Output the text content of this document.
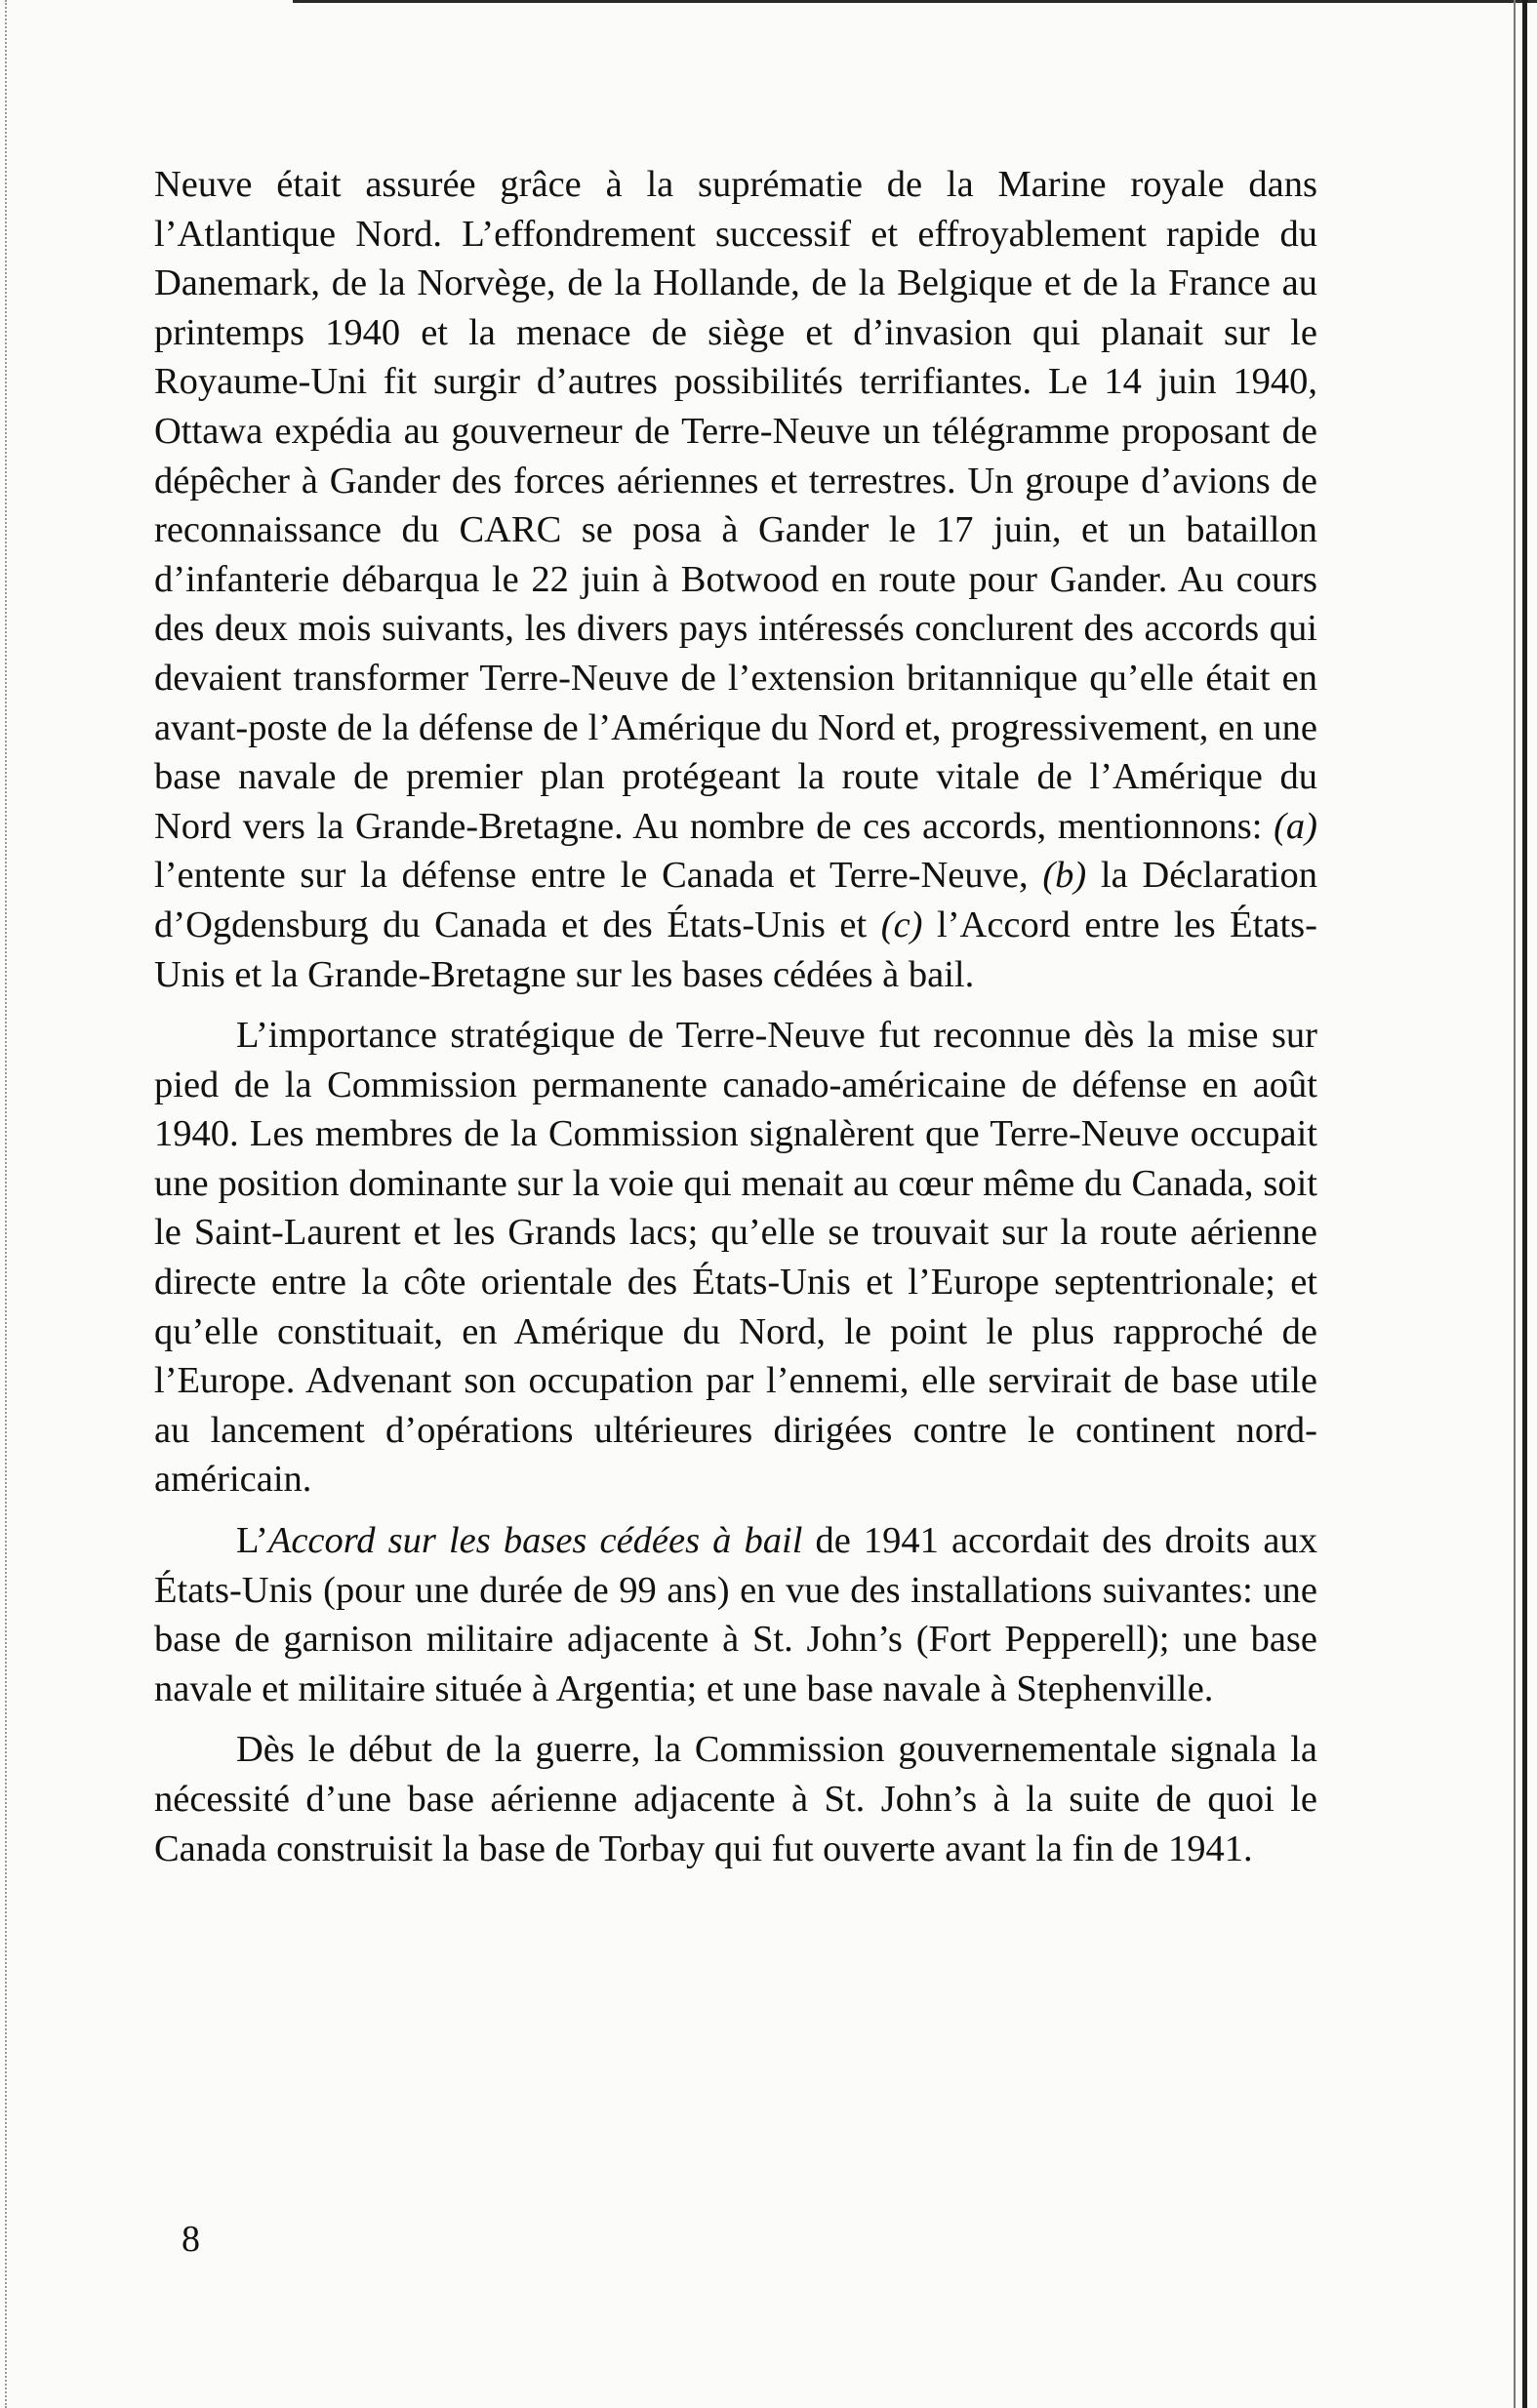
Neuve était assurée grâce à la suprématie de la Marine royale dans l’Atlantique Nord. L’effondrement successif et effroyablement rapide du Danemark, de la Norvège, de la Hollande, de la Belgique et de la France au printemps 1940 et la menace de siège et d’invasion qui planait sur le Royaume-Uni fit surgir d’autres possibilités terrifiantes. Le 14 juin 1940, Ottawa expédia au gouverneur de Terre-Neuve un télégramme proposant de dépêcher à Gander des forces aériennes et terrestres. Un groupe d’avions de reconnaissance du CARC se posa à Gander le 17 juin, et un bataillon d’infanterie débarqua le 22 juin à Botwood en route pour Gander. Au cours des deux mois suivants, les divers pays intéressés conclurent des accords qui devaient transformer Terre-Neuve de l’extension britannique qu’elle était en avant-poste de la défense de l’Amérique du Nord et, progressivement, en une base navale de premier plan protégeant la route vitale de l’Amérique du Nord vers la Grande-Bretagne. Au nombre de ces accords, mentionnons: (a) l’entente sur la défense entre le Canada et Terre-Neuve, (b) la Déclaration d’Ogdensburg du Canada et des États-Unis et (c) l’Accord entre les États-Unis et la Grande-Bretagne sur les bases cédées à bail.

L’importance stratégique de Terre-Neuve fut reconnue dès la mise sur pied de la Commission permanente canado-américaine de défense en août 1940. Les membres de la Commission signalèrent que Terre-Neuve occupait une position dominante sur la voie qui menait au cœur même du Canada, soit le Saint-Laurent et les Grands lacs; qu’elle se trouvait sur la route aérienne directe entre la côte orientale des États-Unis et l’Europe septentrionale; et qu’elle constituait, en Amérique du Nord, le point le plus rapproché de l’Europe. Advenant son occupation par l’ennemi, elle servirait de base utile au lancement d’opérations ultérieures dirigées contre le continent nord-américain.

L’Accord sur les bases cédées à bail de 1941 accordait des droits aux États-Unis (pour une durée de 99 ans) en vue des installations suivantes: une base de garnison militaire adjacente à St. John’s (Fort Pepperell); une base navale et militaire située à Argentia; et une base navale à Stephenville.

Dès le début de la guerre, la Commission gouvernementale signala la nécessité d’une base aérienne adjacente à St. John’s à la suite de quoi le Canada construisit la base de Torbay qui fut ouverte avant la fin de 1941.

8
